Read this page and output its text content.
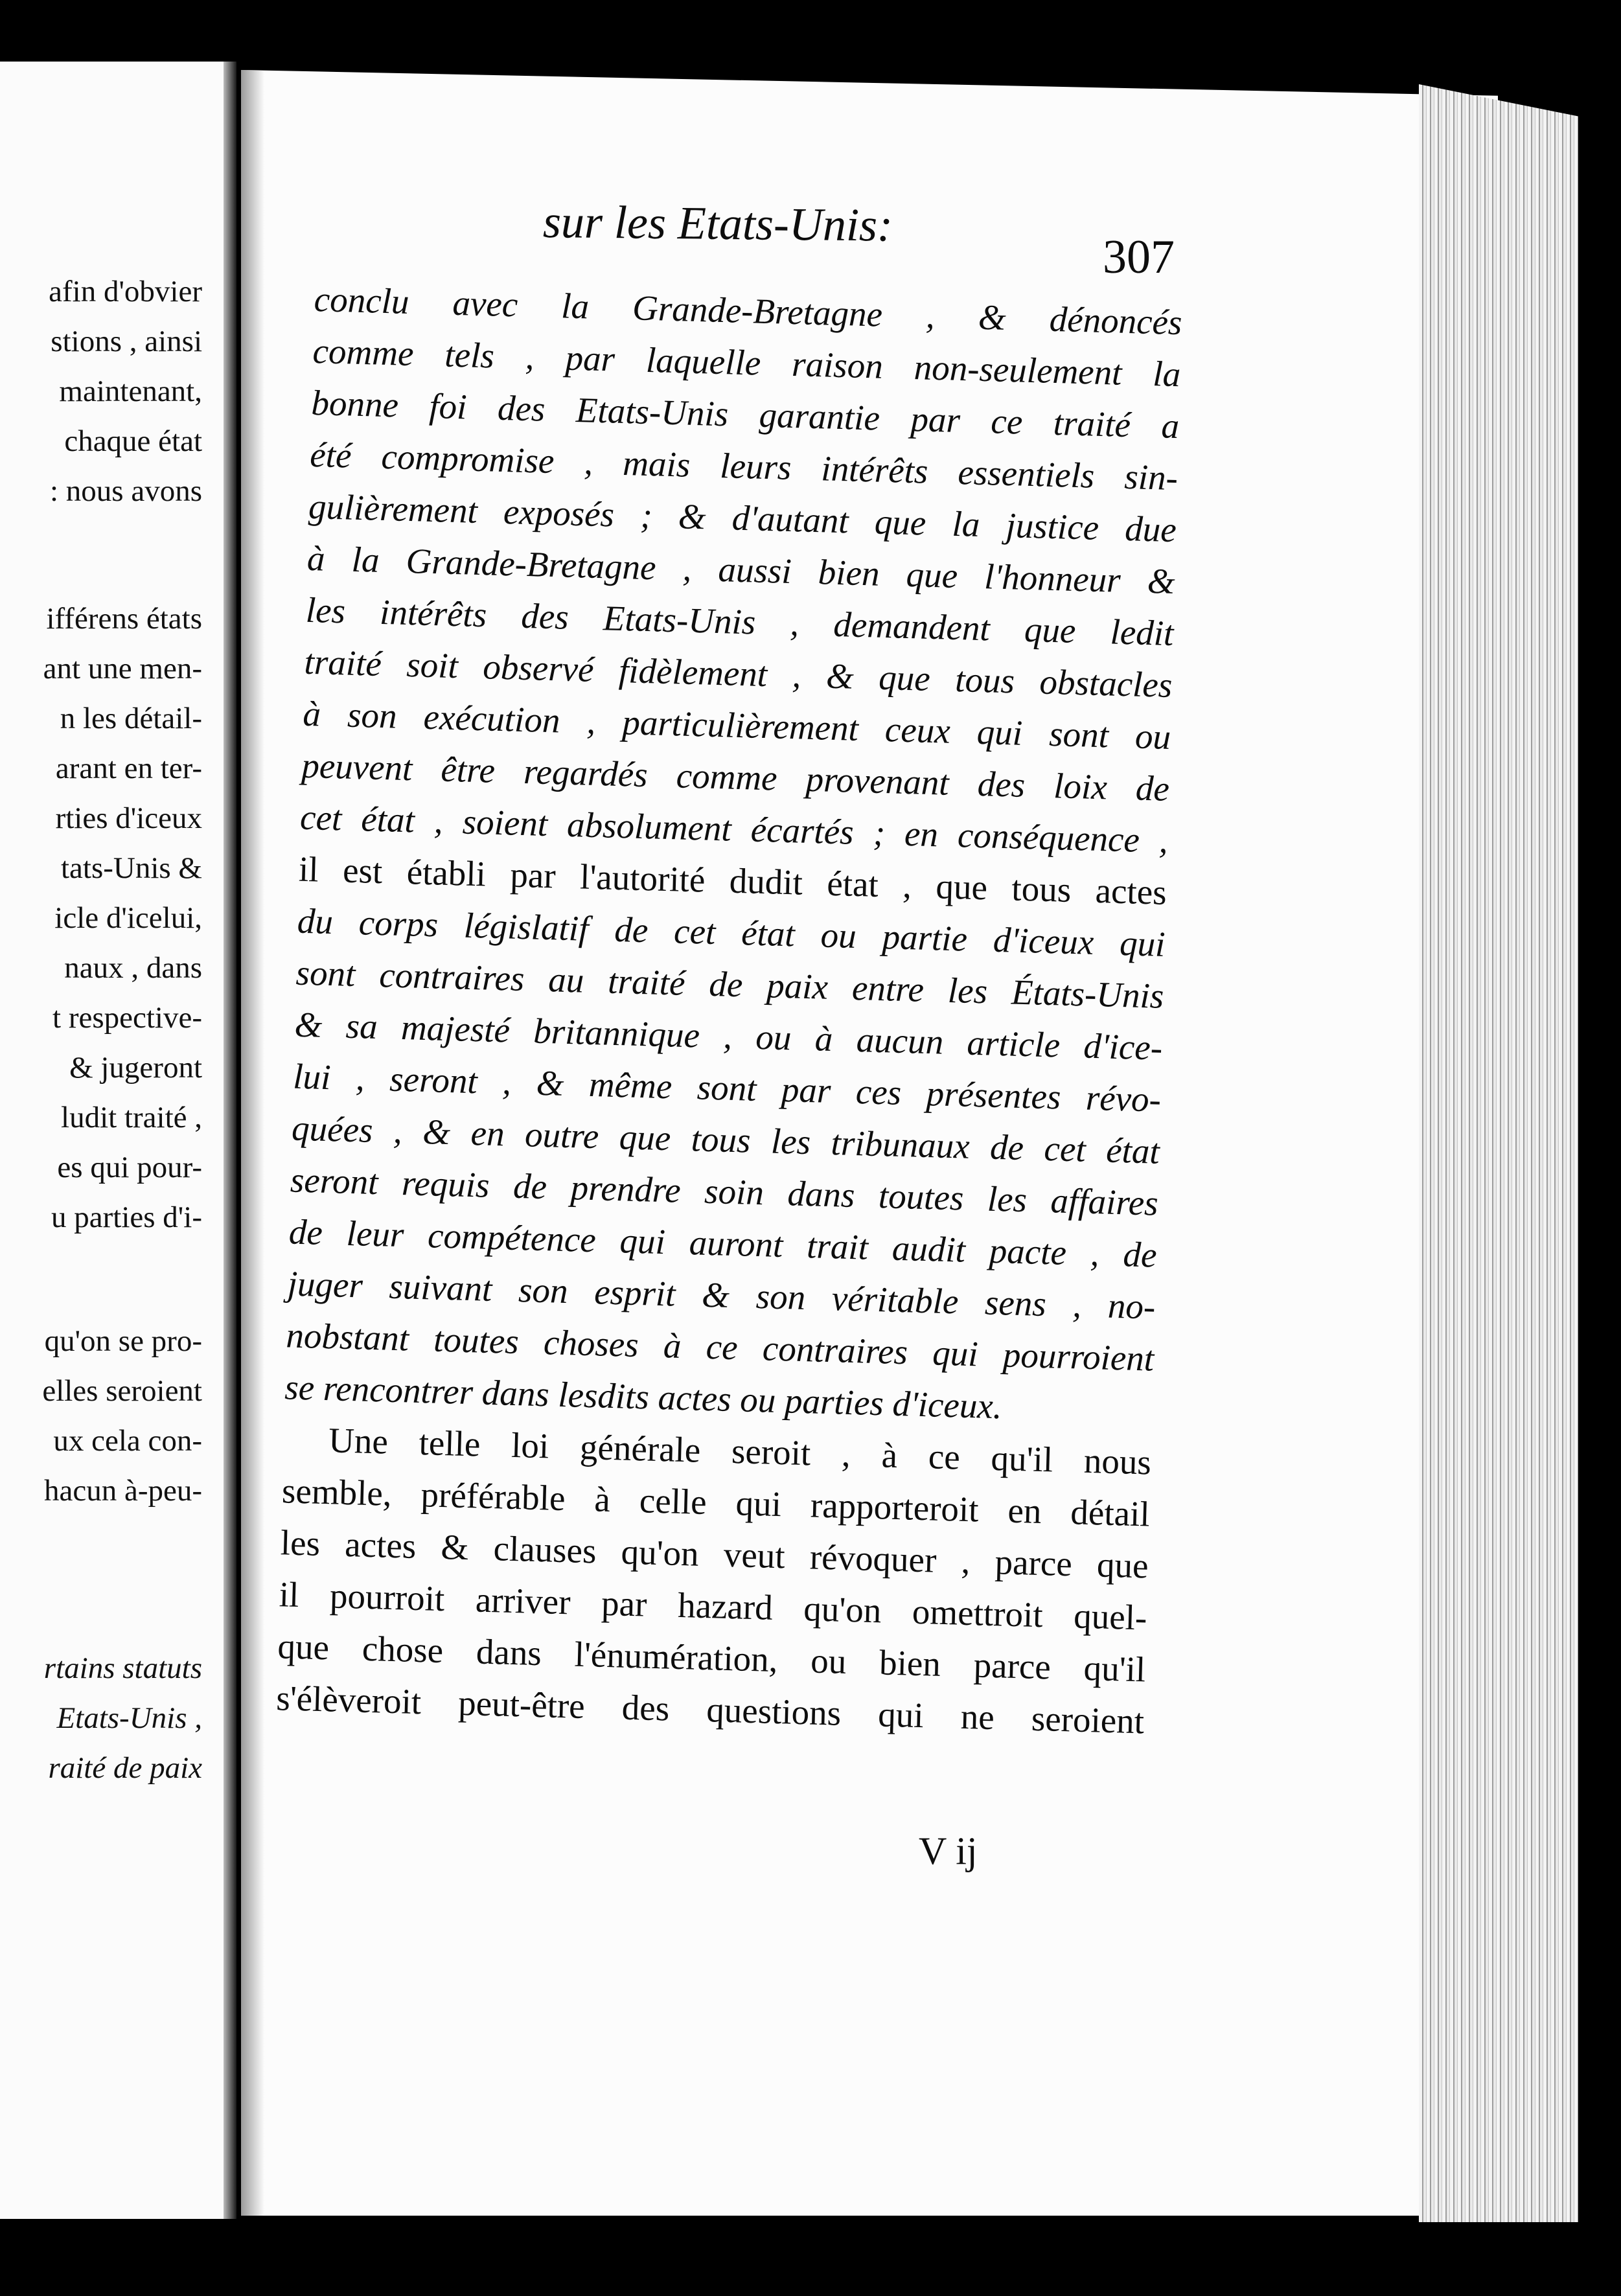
afin d'obvier
stions , ainsi
maintenant,
chaque état
: nous avons
ifférens états
ant une men-
n les détail-
arant en ter-
rties d'iceux
tats-Unis &
icle d'icelui,
naux , dans
t respective-
& jugeront
ludit traité ,
es qui pour-
u parties d'i-
qu'on se pro-
elles seroient
ux cela con-
hacun à-peu-
rtains statuts
Etats-Unis ,
raité de paix
sur les Etats-Unis:
307
conclu avec la Grande-Bretagne , & dénoncés
comme tels , par laquelle raison non-seulement la
bonne foi des Etats-Unis garantie par ce traité a
été compromise , mais leurs intérêts essentiels sin-
gulièrement exposés ; & d'autant que la justice due
à la Grande-Bretagne , aussi bien que l'honneur &
les intérêts des Etats-Unis , demandent que ledit
traité soit observé fidèlement , & que tous obstacles
à son exécution , particulièrement ceux qui sont ou
peuvent être regardés comme provenant des loix de
cet état , soient absolument écartés ; en conséquence ,
il est établi par l'autorité dudit état , que tous actes
du corps législatif de cet état ou partie d'iceux qui
sont contraires au traité de paix entre les États-Unis
& sa majesté britannique , ou à aucun article d'ice-
lui , seront , & même sont par ces présentes révo-
quées , & en outre que tous les tribunaux de cet état
seront requis de prendre soin dans toutes les affaires
de leur compétence qui auront trait audit pacte , de
juger suivant son esprit & son véritable sens , no-
nobstant toutes choses à ce contraires qui pourroient
se rencontrer dans lesdits actes ou parties d'iceux.
Une telle loi générale seroit , à ce qu'il nous
semble, préférable à celle qui rapporteroit en détail
les actes & clauses qu'on veut révoquer , parce que
il pourroit arriver par hazard qu'on omettroit quel-
que chose dans l'énumération, ou bien parce qu'il
s'élèveroit peut-être des questions qui ne seroient
V ij
